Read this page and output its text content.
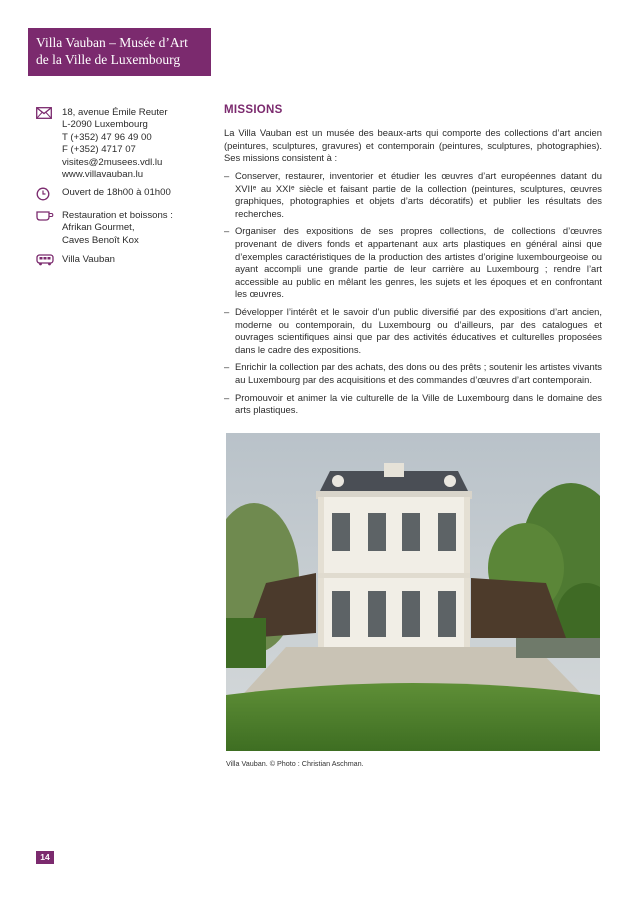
Villa Vauban – Musée d’Art
de la Ville de Luxembourg
18, avenue Émile Reuter
L-2090 Luxembourg
T (+352) 47 96 49 00
F (+352) 4717 07
visites@2musees.vdl.lu
www.villavauban.lu
Ouvert de 18h00 à 01h00
Restauration et boissons :
Afrikan Gourmet,
Caves Benoît Kox
Villa Vauban
MISSIONS
La Villa Vauban est un musée des beaux-arts qui comporte des collections d’art ancien (peintures, sculptures, gravures) et contemporain (peintures, sculptures, photographies). Ses missions consistent à :
– Conserver, restaurer, inventorier et étudier les œuvres d’art européennes datant du XVIIᵉ au XXIᵉ siècle et faisant partie de la collection (peintures, sculptures, œuvres graphiques, photographies et objets d’arts décoratifs) et publier les résultats des recherches.
– Organiser des expositions de ses propres collections, de collections d’œuvres provenant de divers fonds et appartenant aux arts plastiques en général ainsi que d’exemples caractéristiques de la production des artistes d’origine luxembourgeoise ou ayant accompli une grande partie de leur carrière au Luxembourg ; rendre l’art accessible au public en mêlant les genres, les sujets et les époques et en confrontant les œuvres.
– Développer l’intérêt et le savoir d’un public diversifié par des expositions d’art ancien, moderne ou contemporain, du Luxembourg ou d’ailleurs, par des catalogues et ouvrages scientifiques ainsi que par des activités éducatives et culturelles proposées dans le cadre des expositions.
– Enrichir la collection par des achats, des dons ou des prêts ; soutenir les artistes vivants au Luxembourg par des acquisitions et des commandes d’œuvres d’art contemporain.
– Promouvoir et animer la vie culturelle de la Ville de Luxembourg dans le domaine des arts plastiques.
Villa Vauban. © Photo : Christian Aschman.
14
